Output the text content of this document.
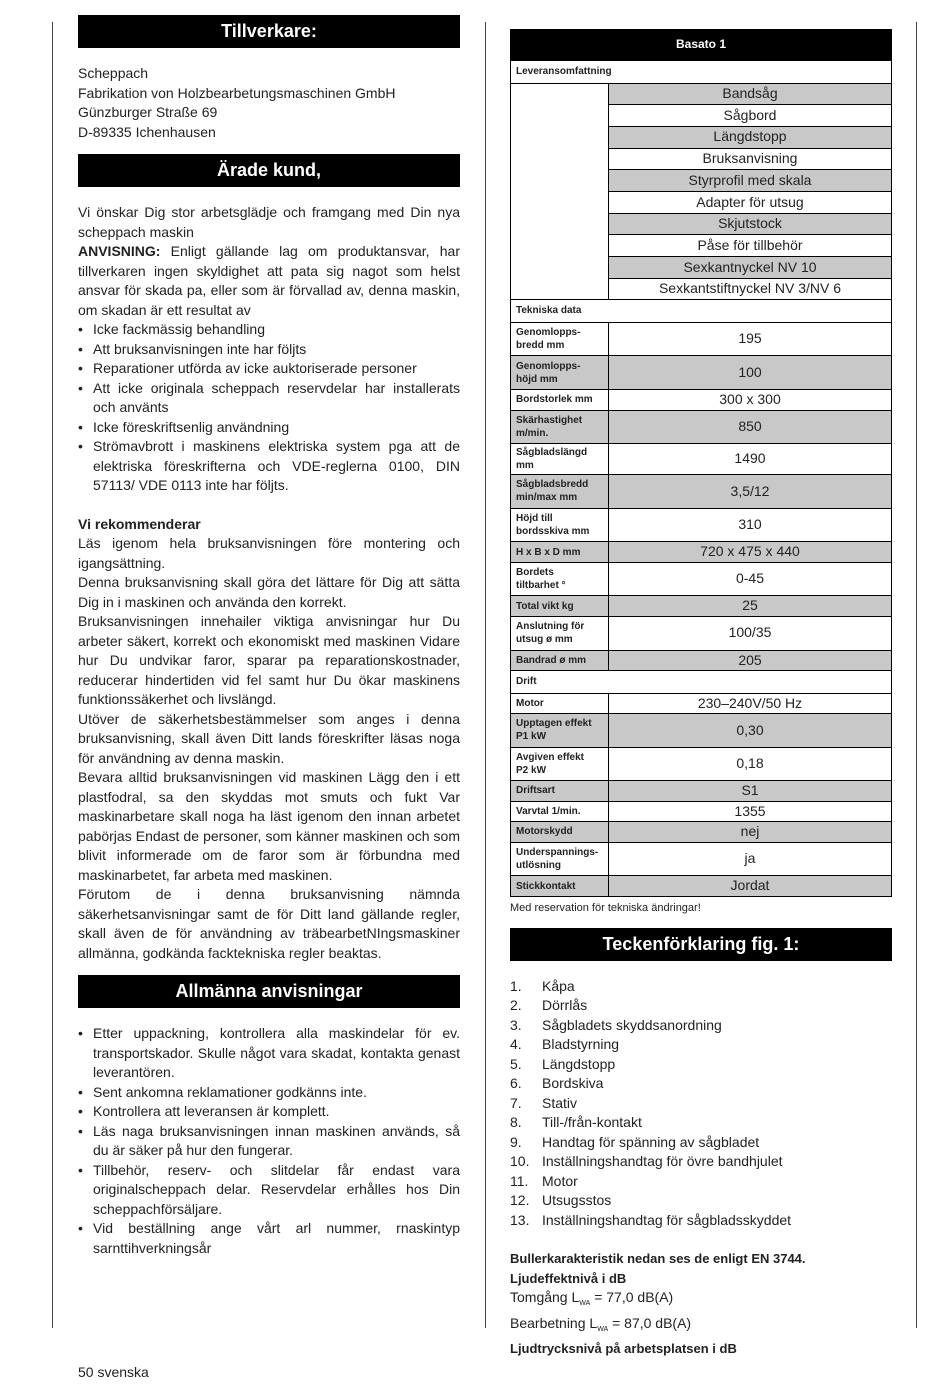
Tillverkare:
Scheppach
Fabrikation von Holzbearbetungsmaschinen GmbH
Günzburger Straße 69
D-89335 Ichenhausen
Ärade kund,
Vi önskar Dig stor arbetsglädje och framgang med Din nya scheppach maskin
ANVISNING: Enligt gällande lag om produktansvar, har tillverkaren ingen skyldighet att pata sig nagot som helst ansvar för skada pa, eller som är förvallad av, denna maskin, om skadan är ett resultat av
• Icke fackmässig behandling
• Att bruksanvisningen inte har följts
• Reparationer utförda av icke auktoriserade personer
• Att icke originala scheppach reservdelar har installerats och använts
• Icke föreskriftsenlig användning
• Strömavbrott i maskinens elektriska system pga att de elektriska föreskrifterna och VDE-reglerna 0100, DIN 57113/ VDE 0113 inte har följts.
Vi rekommenderar
Läs igenom hela bruksanvisningen före montering och igangsättning.
Denna bruksanvisning skall göra det lättare för Dig att sätta Dig in i maskinen och använda den korrekt.
Bruksanvisningen innehailer viktiga anvisningar hur Du arbeter säkert, korrekt och ekonomiskt med maskinen Vidare hur Du undvikar faror, sparar pa reparationskostnader, reducerar hindertiden vid fel samt hur Du ökar maskinens funktionssäkerhet och livslängd.
Utöver de säkerhetsbestämmelser som anges i denna bruksanvisning, skall även Ditt lands föreskrifter läsas noga för användning av denna maskin.
Bevara alltid bruksanvisningen vid maskinen Lägg den i ett plastfodral, sa den skyddas mot smuts och fukt Var maskinarbetare skall noga ha läst igenom den innan arbetet pabörjas Endast de personer, som känner maskinen och som blivit informerade om de faror som är förbundna med maskinarbetet, far arbeta med maskinen.
Förutom de i denna bruksanvisning nämnda säkerhetsanvisningar samt de för Ditt land gällande regler, skall även de för användning av träbearbetNIngsmaskiner allmänna, godkända facktekniska regler beaktas.
Allmänna anvisningar
• Etter uppackning, kontrollera alla maskindelar för ev. transportskador. Skulle något vara skadat, kontakta genast leverantören.
• Sent ankomna reklamationer godkänns inte.
• Kontrollera att leveransen är komplett.
• Läs naga bruksanvisningen innan maskinen används, så du är säker på hur den fungerar.
• Tillbehör, reserv- och slitdelar får endast vara originalscheppach delar. Reservdelar erhålles hos Din scheppachförsäljare.
• Vid beställning ange vårt arl nummer, rnaskintyp sarnttihverkningsår
50 svenska
Basato 1	
Leveransomfattning	
	Bandsåg
	Sågbord
	Längdstopp
	Bruksanvisning
	Styrprofil med skala
	Adapter för utsug
	Skjutstock
	Påse för tillbehör
	Sexkantnyckel NV 10
	Sexkantstiftnyckel NV 3/NV 6
Tekniska data	
Genomlopps-
bredd mm	195
Genomlopps-
höjd mm	100
Bordstorlek mm	300 x 300
Skärhastighet
m/min.	850
Sågbladslängd mm	1490
Sågbladsbredd
min/max mm	3,5/12
Höjd till
bordsskiva mm	310
H x B x D mm	720 x 475 x 440
Bordets
tiltbarhet °	0-45
Total vikt kg	25
Anslutning för
utsug ø mm	100/35
Bandrad ø mm	205
Drift	
Motor	230–240V/50 Hz
Upptagen effekt
P1 kW	0,30
Avgiven effekt
P2 kW	0,18
Driftsart	S1
Varvtal 1/min.	1355
Motorskydd	nej
Underspannings-
utlösning	ja
Stickkontakt	Jordat
Med reservation för tekniska ändringar!
Teckenförklaring fig. 1:
1.	Kåpa
2.	Dörrlås
3.	Sågbladets skyddsanordning
4.	Bladstyrning
5.	Längdstopp
6.	Bordskiva
7.	Stativ
8.	Till-/från-kontakt
9.	Handtag för spänning av sågbladet
10. Inställningshandtag för övre bandhjulet
11. Motor
12. Utsugsstos
13. Inställningshandtag för sågbladsskyddet
Bullerkarakteristik nedan ses de enligt EN 3744.
Ljudeffektnivå i dB
Tomgång $L_{WA} = 77,0$ dB(A)
Bearbetning $L_{WA} = 87,0$ dB(A)
Ljudtrycksnivå på arbetsplatsen i dB
